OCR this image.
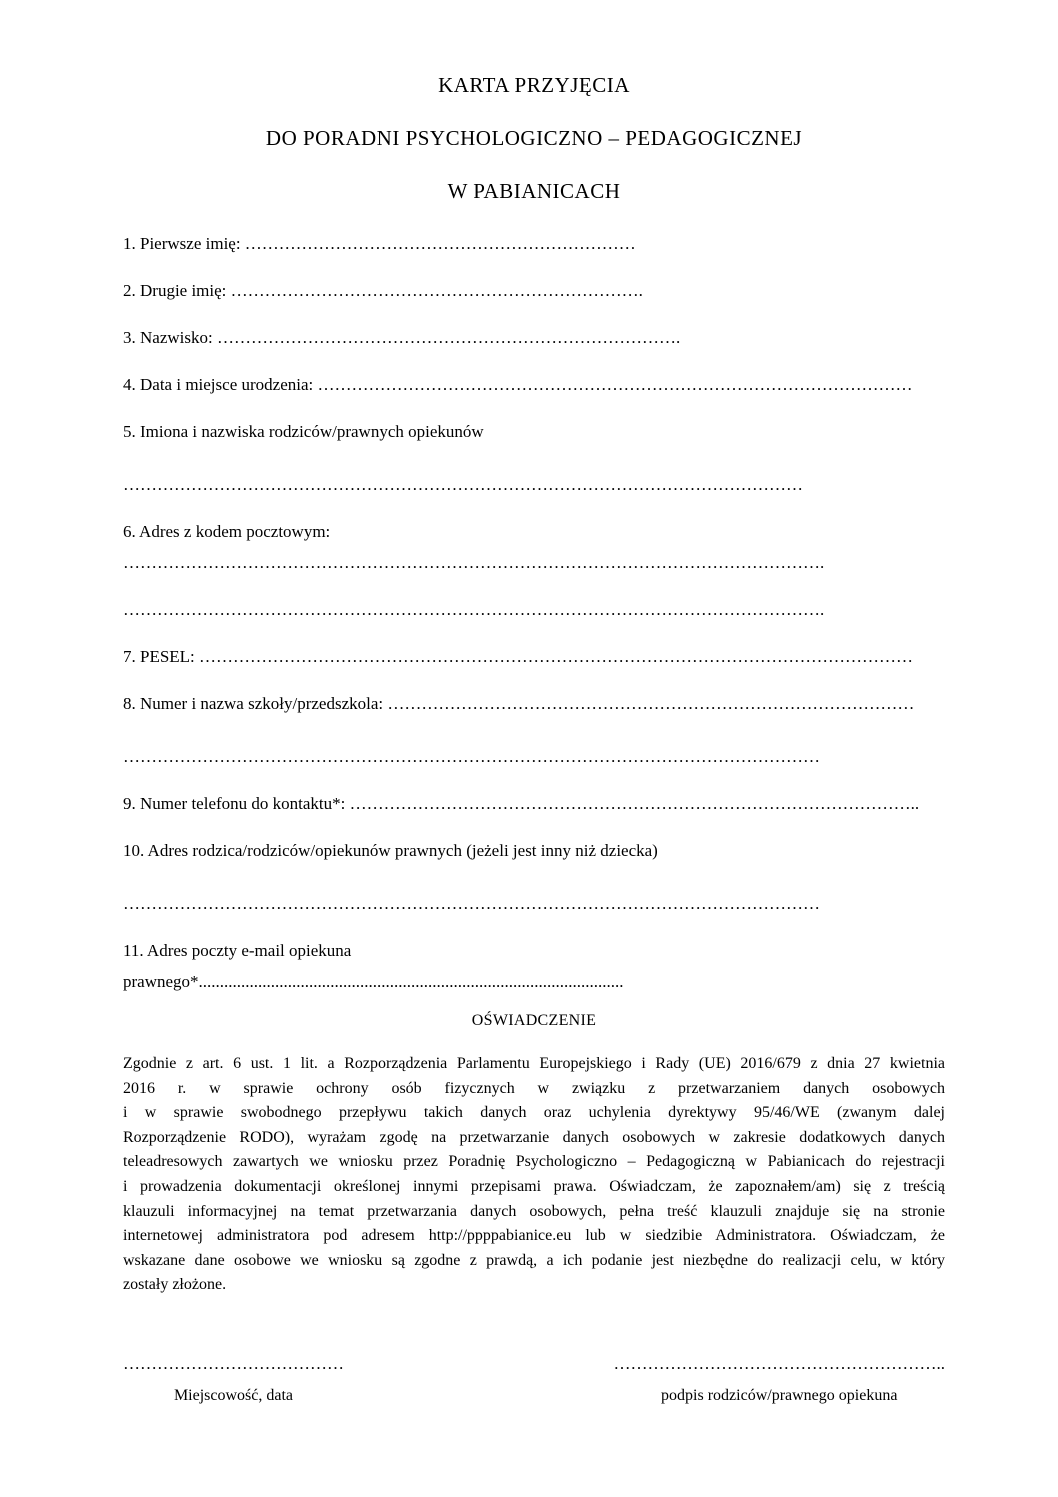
KARTA PRZYJĘCIA
DO PORADNI PSYCHOLOGICZNO – PEDAGOGICZNEJ
W PABIANICACH
1. Pierwsze imię: ……………………………………………………………
2. Drugie imię: ……………………………………………………………….
3. Nazwisko: ……………………………………………………………………….
4. Data i miejsce urodzenia: ……………………………………………………………………………………………
5. Imiona i nazwiska rodziców/prawnych opiekunów
…………………………………………………………………………………………………………
6. Adres z kodem pocztowym:
…………………………………………………………………………………………………………….
…………………………………………………………………………………………………………….
7. PESEL: ………………………………………………………………………………………………………………
8. Numer i nazwa szkoły/przedszkola: …………………………………………………………………………………
……………………………………………………………………………………………………………
9. Numer telefonu do kontaktu*: ………………………………………………………………………………………..
10. Adres rodzica/rodziców/opiekunów prawnych (jeżeli jest inny niż dziecka)
……………………………………………………………………………………………………………
11. Adres poczty e-mail opiekuna
prawnego*....................................................................................................
OŚWIADCZENIE
Zgodnie z art. 6 ust. 1 lit. a Rozporządzenia Parlamentu Europejskiego i Rady (UE) 2016/679 z dnia 27 kwietnia
2016 r. w sprawie ochrony osób fizycznych w związku z przetwarzaniem danych osobowych
i w sprawie swobodnego przepływu takich danych oraz uchylenia dyrektywy 95/46/WE (zwanym dalej
Rozporządzenie RODO), wyrażam zgodę na przetwarzanie danych osobowych w zakresie dodatkowych danych
teleadresowych zawartych we wniosku przez Poradnię Psychologiczno – Pedagogiczną w Pabianicach do rejestracji
i prowadzenia dokumentacji określonej innymi przepisami prawa. Oświadczam, że zapoznałem/am) się z treścią
klauzuli informacyjnej na temat przetwarzania danych osobowych, pełna treść klauzuli znajduje się na stronie
internetowej administratora pod adresem http://ppppabianice.eu lub w siedzibie Administratora. Oświadczam, że
wskazane dane osobowe we wniosku są zgodne z prawdą, a ich podanie jest niezbędne do realizacji celu, w który
zostały złożone.
…………………………………
Miejscowość, data
…………………………………………………..
podpis rodziców/prawnego opiekuna
